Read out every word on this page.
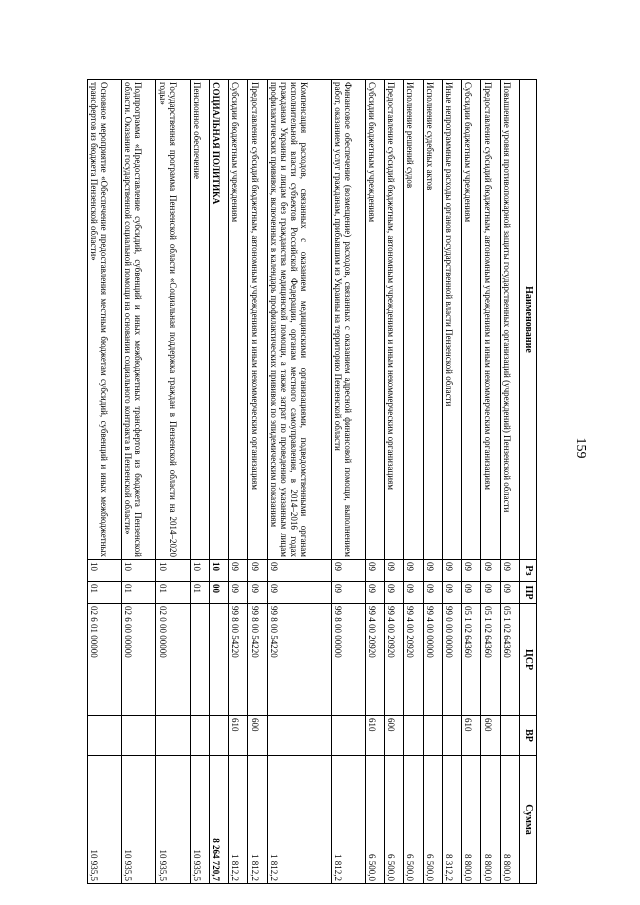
159
Наименование	Рз	ПР	ЦСР	ВР	Сумма
Повышение уровня противопожарной защиты государственных организаций (учреждений) Пензенской области	09	09	05 1 02 64360		8 800,0
Предоставление субсидий бюджетным, автономным учреждениям и иным некоммерческим организациям	09	09	05 1 02 64360	600	8 800,0
Субсидии бюджетным учреждениям	09	09	05 1 02 64360	610	8 800,0
Иные непрограммные расходы органов государственной власти Пензенской области	09	09	99 0 00 00000		8 312,2
Исполнение судебных актов	09	09	99 4 00 00000		6 500,0
Исполнение решений судов	09	09	99 4 00 20920		6 500,0
Предоставление субсидий бюджетным, автономным учреждениям и иным некоммерческим организациям	09	09	99 4 00 20920	600	6 500,0
Субсидии бюджетным учреждениям	09	09	99 4 00 20920	610	6 500,0
Финансовое обеспечение (возмещение) расходов, связанных с оказанием адресной финансовой помощи, выполнением работ, оказанием услуг гражданам, прибывшим из Украины на территорию Пензенской области	09	09	99 8 00 00000		1 812,2
Компенсация расходов, связанных с оказанием медицинскими организациями, подведомственными органам исполнительной власти субъектов Российской Федерации, органам местного самоуправления, в 2014–2016 годах гражданам Украины и лицам без гражданства медицинской помощи, а также затрат по проведению указанным лицам профилактических прививок, включенных в календарь профилактических прививок по эпидемическим показаниям	09	09	99 8 00 54220		1 812,2
Предоставление субсидий бюджетным, автономным учреждениям и иным некоммерческим организациям	09	09	99 8 00 54220	600	1 812,2
Субсидии бюджетным учреждениям	09	09	99 8 00 54220	610	1 812,2
СОЦИАЛЬНАЯ ПОЛИТИКА	10	00			8 264 720,7
Пенсионное обеспечение	10	01			10 935,5
Государственная программа Пензенской области «Социальная поддержка граждан в Пензенской области на 2014–2020 годы»	10	01	02 0 00 00000		10 935,5
Подпрограмма «Предоставление субсидий, субвенций и иных межбюджетных трансфертов из бюджета Пензенской области. Оказание государственной социальной помощи на основании социального контракта в Пензенской области»	10	01	02 6 00 00000		10 935,5
Основное мероприятие «Обеспечение предоставления местным бюджетам субсидий, субвенций и иных межбюджетных трансфертов из бюджета Пензенской области»	10	01	02 6 01 00000		10 935,5
